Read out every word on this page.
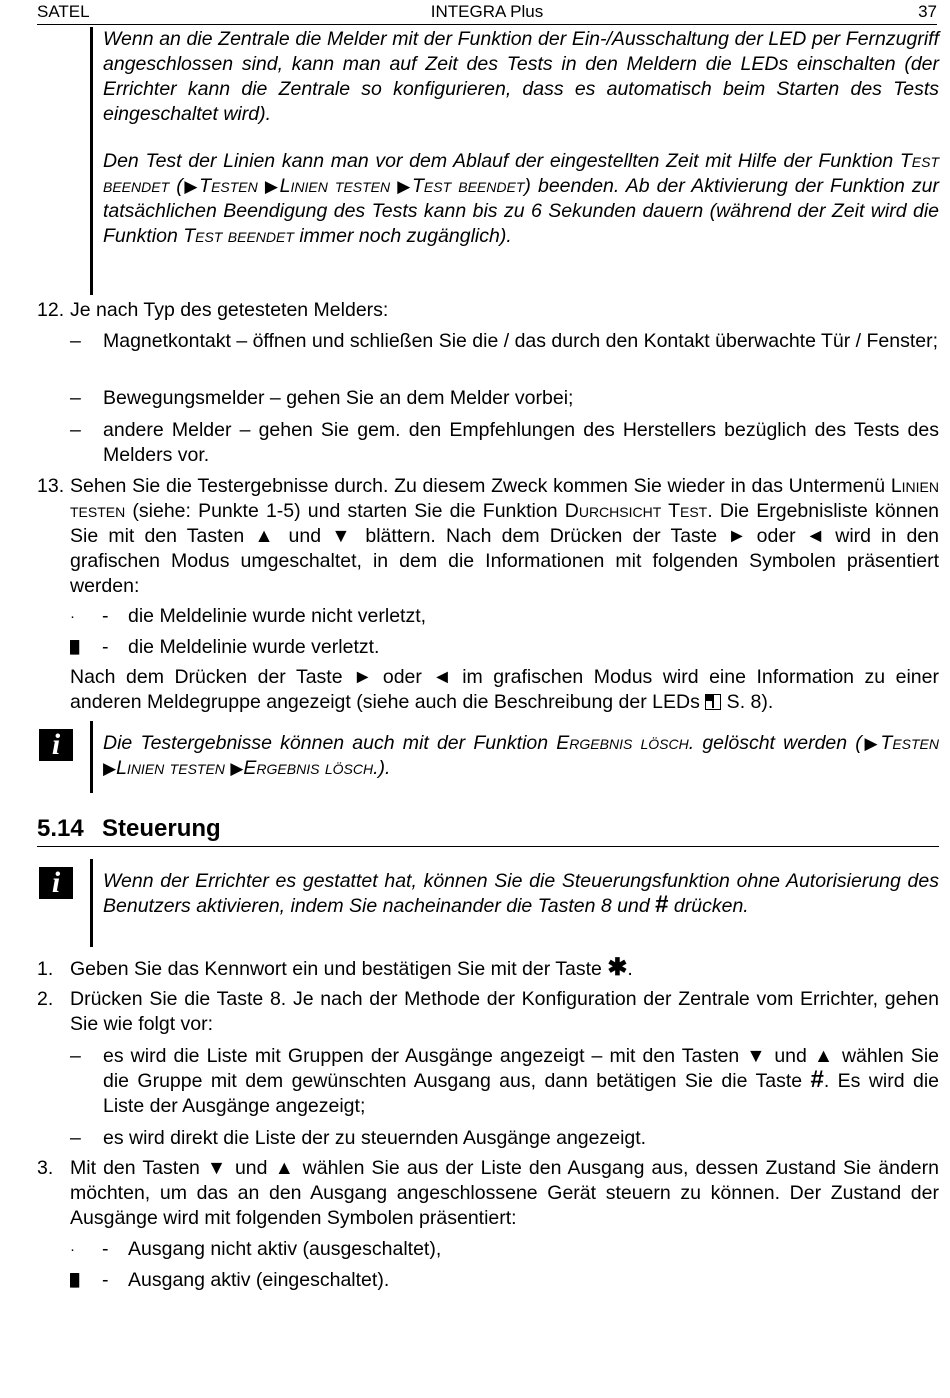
SATEL	INTEGRA Plus	37

Wenn an die Zentrale die Melder mit der Funktion der Ein-/Ausschaltung der LED per Fernzugriff angeschlossen sind, kann man auf Zeit des Tests in den Meldern die LEDs einschalten (der Errichter kann die Zentrale so konfigurieren, dass es automatisch beim Starten des Tests eingeschaltet wird).

Den Test der Linien kann man vor dem Ablauf der eingestellten Zeit mit Hilfe der Funktion Test beendet (▶Testen ▶Linien testen ▶Test beendet) beenden. Ab der Aktivierung der Funktion zur tatsächlichen Beendigung des Tests kann bis zu 6 Sekunden dauern (während der Zeit wird die Funktion Test beendet immer noch zugänglich).

12. Je nach Typ des getesteten Melders:
– Magnetkontakt – öffnen und schließen Sie die / das durch den Kontakt überwachte Tür / Fenster;
– Bewegungsmelder – gehen Sie an dem Melder vorbei;
– andere Melder – gehen Sie gem. den Empfehlungen des Herstellers bezüglich des Tests des Melders vor.
13. Sehen Sie die Testergebnisse durch. Zu diesem Zweck kommen Sie wieder in das Untermenü Linien testen (siehe: Punkte 1-5) und starten Sie die Funktion Durchsicht Test. Die Ergebnisliste können Sie mit den Tasten ▲ und ▼ blättern. Nach dem Drücken der Taste ► oder ◄ wird in den grafischen Modus umgeschaltet, in dem die Informationen mit folgenden Symbolen präsentiert werden:
·	- die Meldelinie wurde nicht verletzt,
▌▌▌	- die Meldelinie wurde verletzt.
Nach dem Drücken der Taste ► oder ◄ im grafischen Modus wird eine Information zu einer anderen Meldegruppe angezeigt (siehe auch die Beschreibung der LEDs  S. 8).
i	Die Testergebnisse können auch mit der Funktion Ergebnis lösch. gelöscht werden (▶Testen ▶Linien testen ▶Ergebnis lösch.).
5.14 Steuerung
i	Wenn der Errichter es gestattet hat, können Sie die Steuerungsfunktion ohne Autorisierung des Benutzers aktivieren, indem Sie nacheinander die Tasten 8 und # drücken.
1. Geben Sie das Kennwort ein und bestätigen Sie mit der Taste ✱.
2. Drücken Sie die Taste 8. Je nach der Methode der Konfiguration der Zentrale vom Errichter, gehen Sie wie folgt vor:
– es wird die Liste mit Gruppen der Ausgänge angezeigt – mit den Tasten ▼ und ▲ wählen Sie die Gruppe mit dem gewünschten Ausgang aus, dann betätigen Sie die Taste #. Es wird die Liste der Ausgänge angezeigt;
– es wird direkt die Liste der zu steuernden Ausgänge angezeigt.
3. Mit den Tasten ▼ und ▲ wählen Sie aus der Liste den Ausgang aus, dessen Zustand Sie ändern möchten, um das an den Ausgang angeschlossene Gerät steuern zu können. Der Zustand der Ausgänge wird mit folgenden Symbolen präsentiert:
·	- Ausgang nicht aktiv (ausgeschaltet),
▌▌▌	- Ausgang aktiv (eingeschaltet).
